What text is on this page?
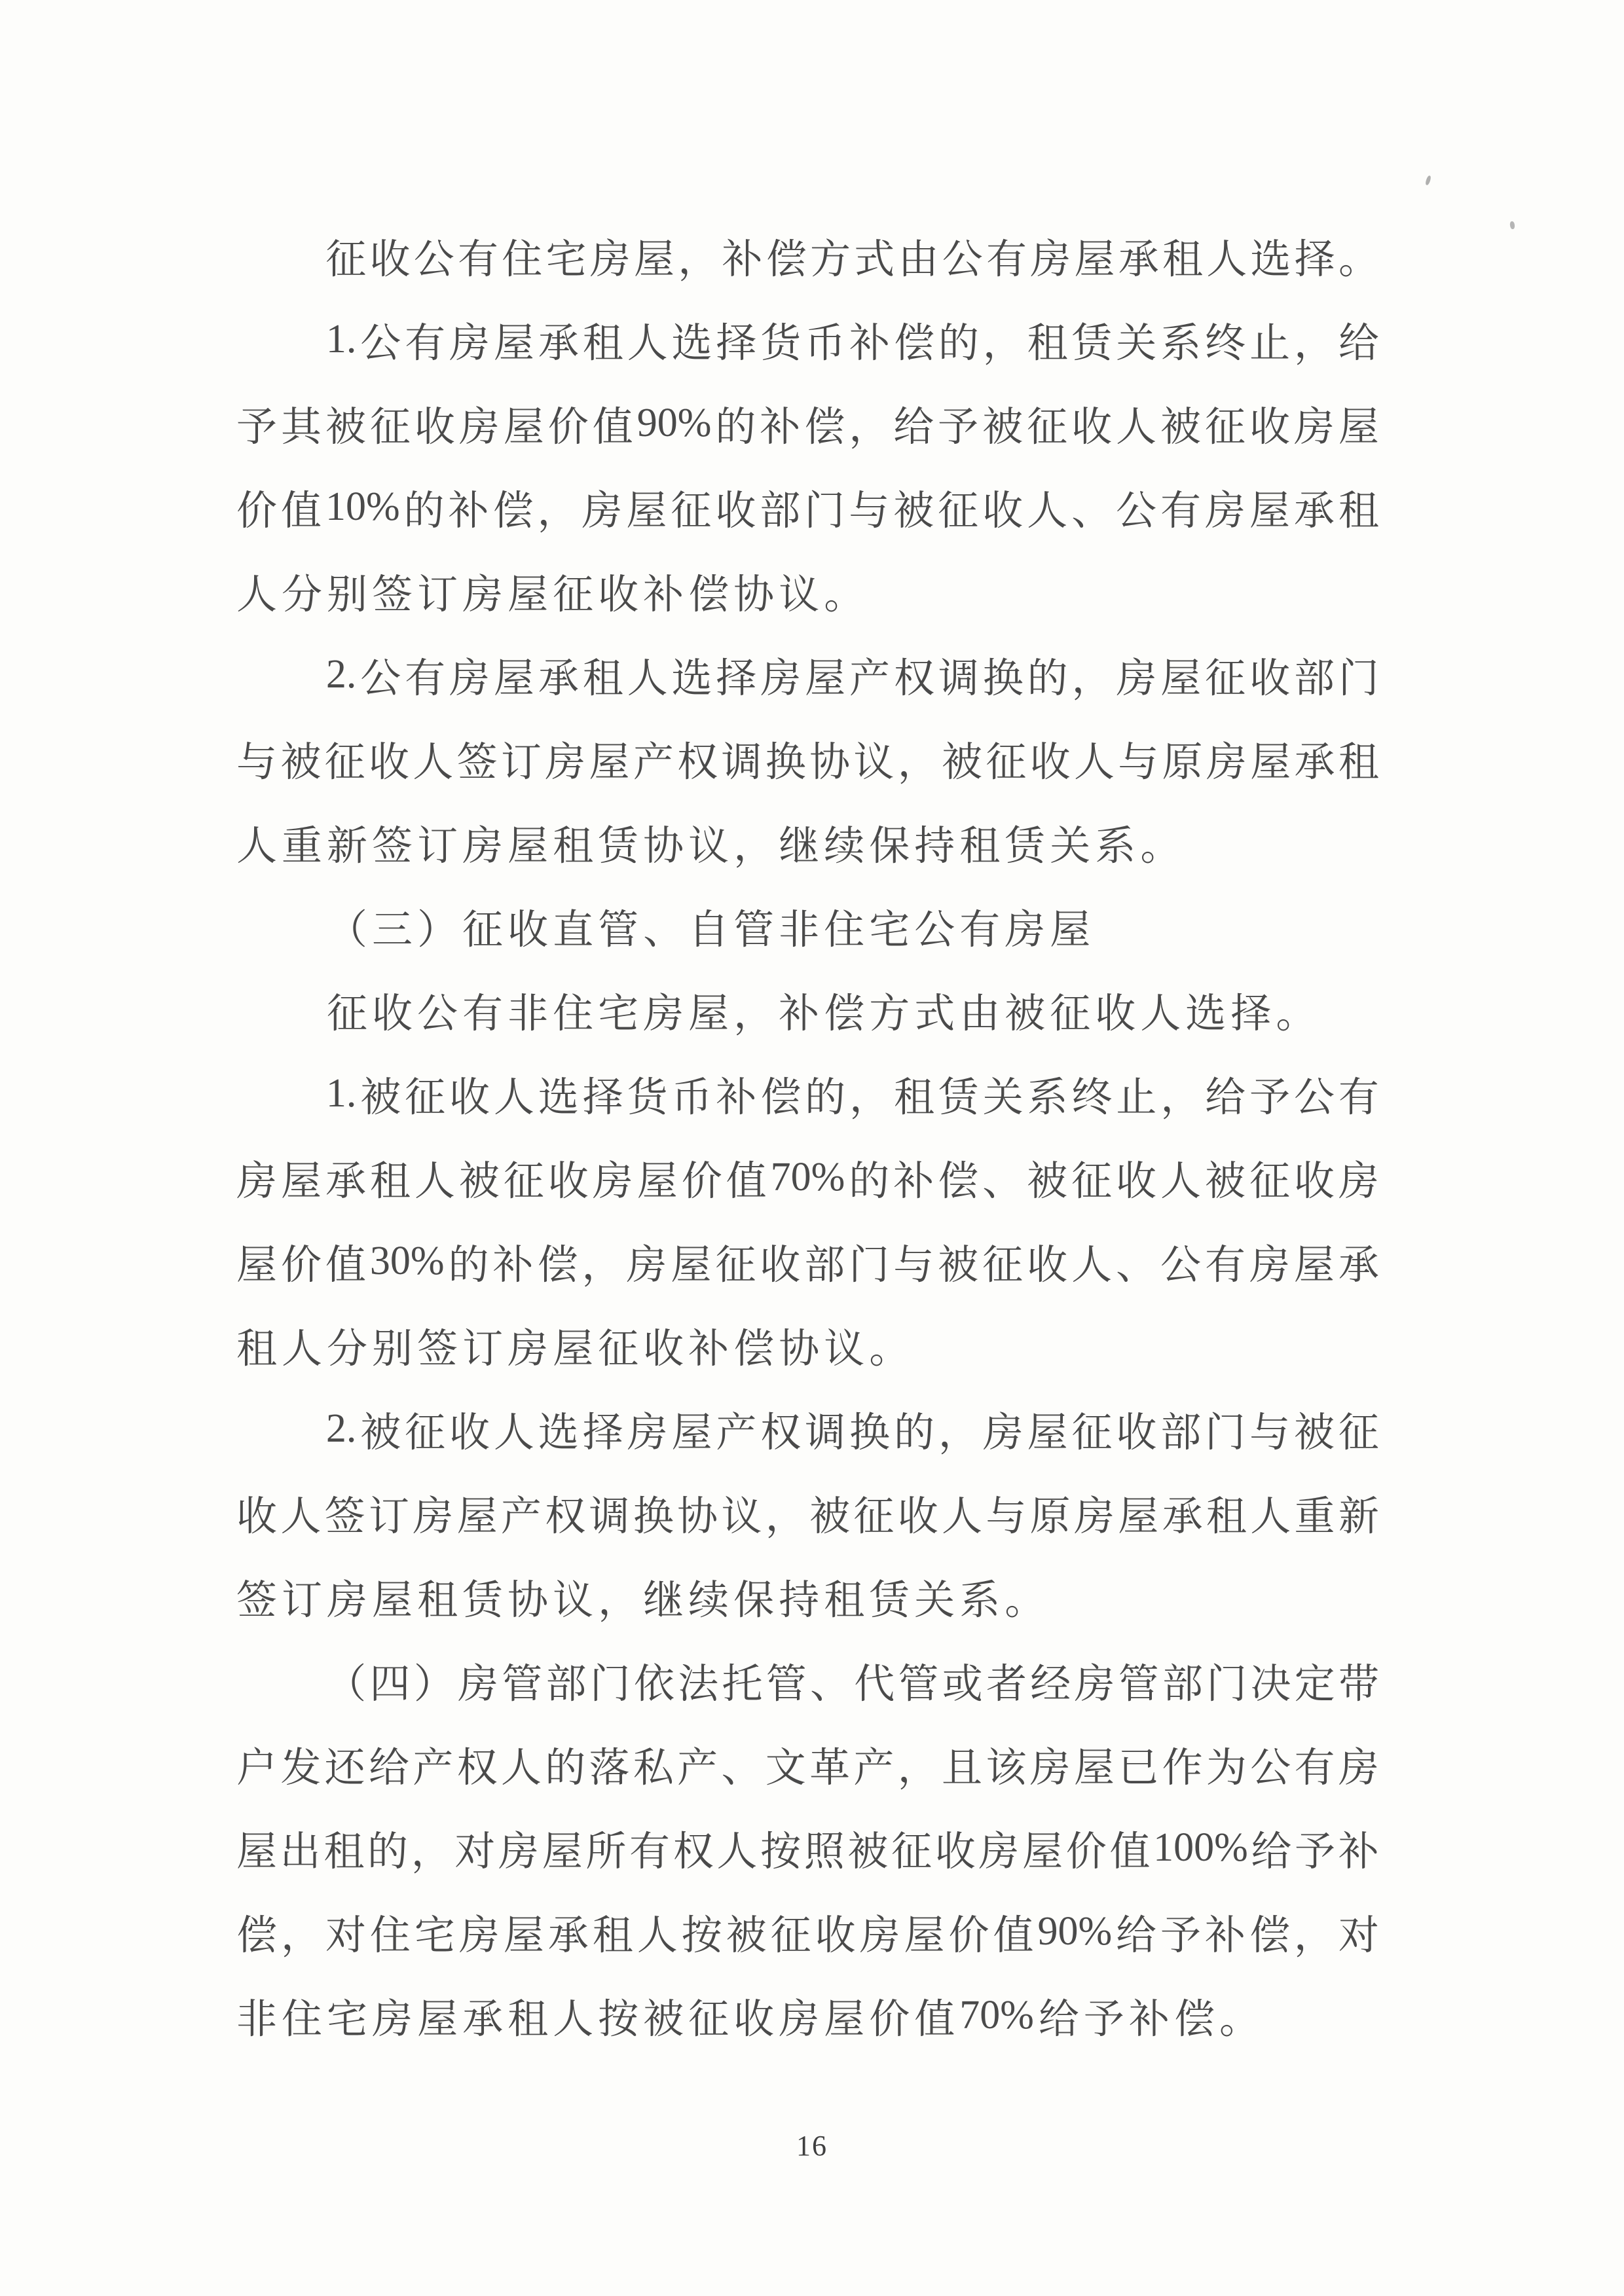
征 收 公 有 住 宅 房 屋 ， 补 偿 方 式 由 公 有 房 屋 承 租 人 选 择 。
1. 公 有 房 屋 承 租 人 选 择 货 币 补 偿 的 ， 租 赁 关 系 终 止 ， 给
予 其 被 征 收 房 屋 价 值 90% 的 补 偿 ， 给 予 被 征 收 人 被 征 收 房 屋
价 值 10% 的 补 偿 ， 房 屋 征 收 部 门 与 被 征 收 人 、 公 有 房 屋 承 租
人 分 别 签 订 房 屋 征 收 补 偿 协 议 。
2. 公 有 房 屋 承 租 人 选 择 房 屋 产 权 调 换 的 ， 房 屋 征 收 部 门
与 被 征 收 人 签 订 房 屋 产 权 调 换 协 议 ， 被 征 收 人 与 原 房 屋 承 租
人 重 新 签 订 房 屋 租 赁 协 议 ， 继 续 保 持 租 赁 关 系 。
（ 三 ） 征 收 直 管 、 自 管 非 住 宅 公 有 房 屋
征 收 公 有 非 住 宅 房 屋 ， 补 偿 方 式 由 被 征 收 人 选 择 。
1. 被 征 收 人 选 择 货 币 补 偿 的 ， 租 赁 关 系 终 止 ， 给 予 公 有
房 屋 承 租 人 被 征 收 房 屋 价 值 70% 的 补 偿 、 被 征 收 人 被 征 收 房
屋 价 值 30% 的 补 偿 ， 房 屋 征 收 部 门 与 被 征 收 人 、 公 有 房 屋 承
租 人 分 别 签 订 房 屋 征 收 补 偿 协 议 。
2. 被 征 收 人 选 择 房 屋 产 权 调 换 的 ， 房 屋 征 收 部 门 与 被 征
收 人 签 订 房 屋 产 权 调 换 协 议 ， 被 征 收 人 与 原 房 屋 承 租 人 重 新
签 订 房 屋 租 赁 协 议 ， 继 续 保 持 租 赁 关 系 。
（ 四 ） 房 管 部 门 依 法 托 管 、 代 管 或 者 经 房 管 部 门 决 定 带
户 发 还 给 产 权 人 的 落 私 产 、 文 革 产 ， 且 该 房 屋 已 作 为 公 有 房
屋 出 租 的 ， 对 房 屋 所 有 权 人 按 照 被 征 收 房 屋 价 值 100% 给 予 补
偿 ， 对 住 宅 房 屋 承 租 人 按 被 征 收 房 屋 价 值 90% 给 予 补 偿 ， 对
非 住 宅 房 屋 承 租 人 按 被 征 收 房 屋 价 值 70% 给 予 补 偿 。
16
